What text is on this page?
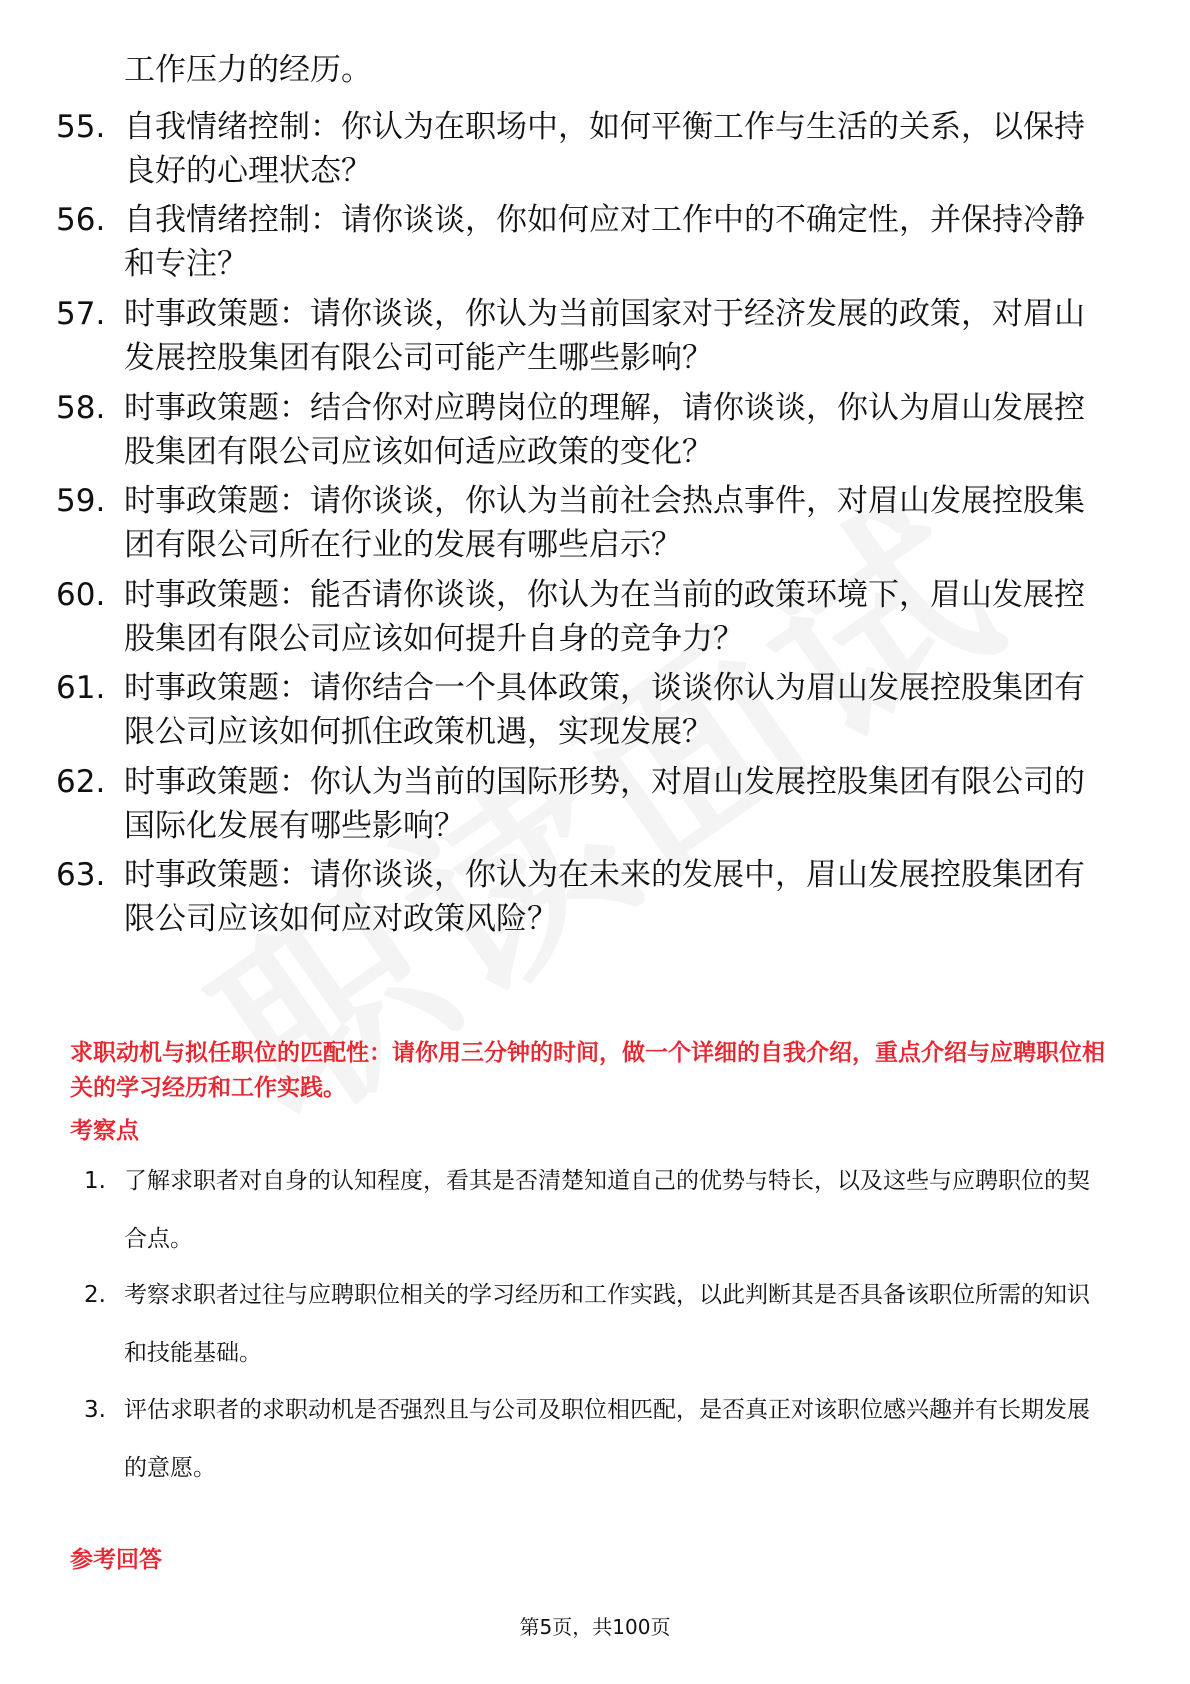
工作压力的经历。
55. 自我情绪控制：你认为在职场中，如何平衡工作与生活的关系，以保持良好的心理状态？
56. 自我情绪控制：请你谈谈，你如何应对工作中的不确定性，并保持冷静和专注？
57. 时事政策题：请你谈谈，你认为当前国家对于经济发展的政策，对眉山发展控股集团有限公司可能产生哪些影响？
58. 时事政策题：结合你对应聘岗位的理解，请你谈谈，你认为眉山发展控股集团有限公司应该如何适应政策的变化？
59. 时事政策题：请你谈谈，你认为当前社会热点事件，对眉山发展控股集团有限公司所在行业的发展有哪些启示？
60. 时事政策题：能否请你谈谈，你认为在当前的政策环境下，眉山发展控股集团有限公司应该如何提升自身的竞争力？
61. 时事政策题：请你结合一个具体政策，谈谈你认为眉山发展控股集团有限公司应该如何抓住政策机遇，实现发展？
62. 时事政策题：你认为当前的国际形势，对眉山发展控股集团有限公司的国际化发展有哪些影响？
63. 时事政策题：请你谈谈，你认为在未来的发展中，眉山发展控股集团有限公司应该如何应对政策风险？
求职动机与拟任职位的匹配性：请你用三分钟的时间，做一个详细的自我介绍，重点介绍与应聘职位相关的学习经历和工作实践。
考察点
1. 了解求职者对自身的认知程度，看其是否清楚知道自己的优势与特长，以及这些与应聘职位的契合点。
2. 考察求职者过往与应聘职位相关的学习经历和工作实践，以此判断其是否具备该职位所需的知识和技能基础。
3. 评估求职者的求职动机是否强烈且与公司及职位相匹配，是否真正对该职位感兴趣并有长期发展的意愿。
参考回答
第5页，共100页
